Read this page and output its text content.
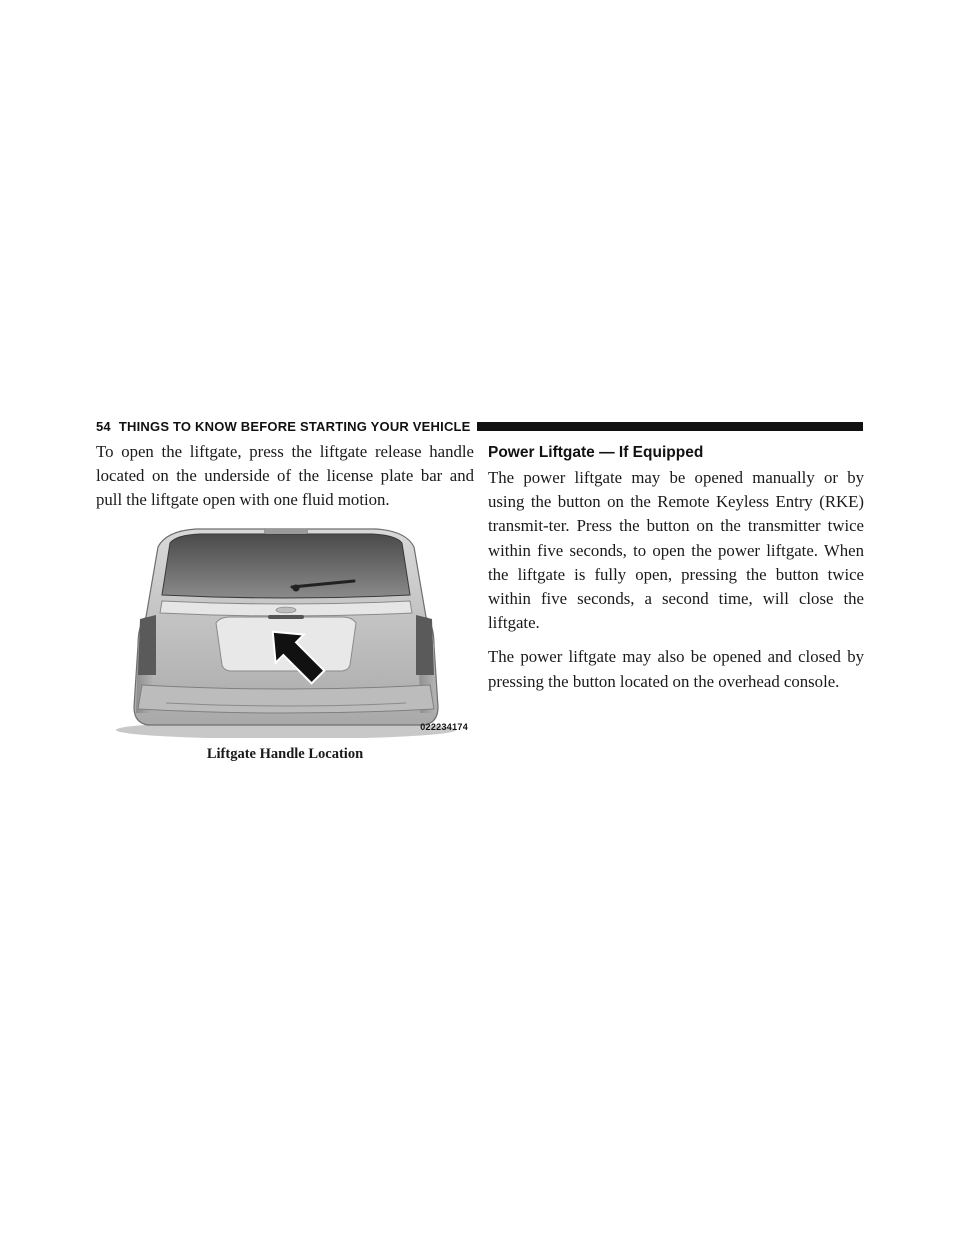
54 THINGS TO KNOW BEFORE STARTING YOUR VEHICLE

To open the liftgate, press the liftgate release handle located on the underside of the license plate bar and pull the liftgate open with one fluid motion.

022234174
Liftgate Handle Location
Power Liftgate — If Equipped

The power liftgate may be opened manually or by using the button on the Remote Keyless Entry (RKE) transmit-ter. Press the button on the transmitter twice within five seconds, to open the power liftgate. When the liftgate is fully open, pressing the button twice within five seconds, a second time, will close the liftgate.

The power liftgate may also be opened and closed by pressing the button located on the overhead console.
